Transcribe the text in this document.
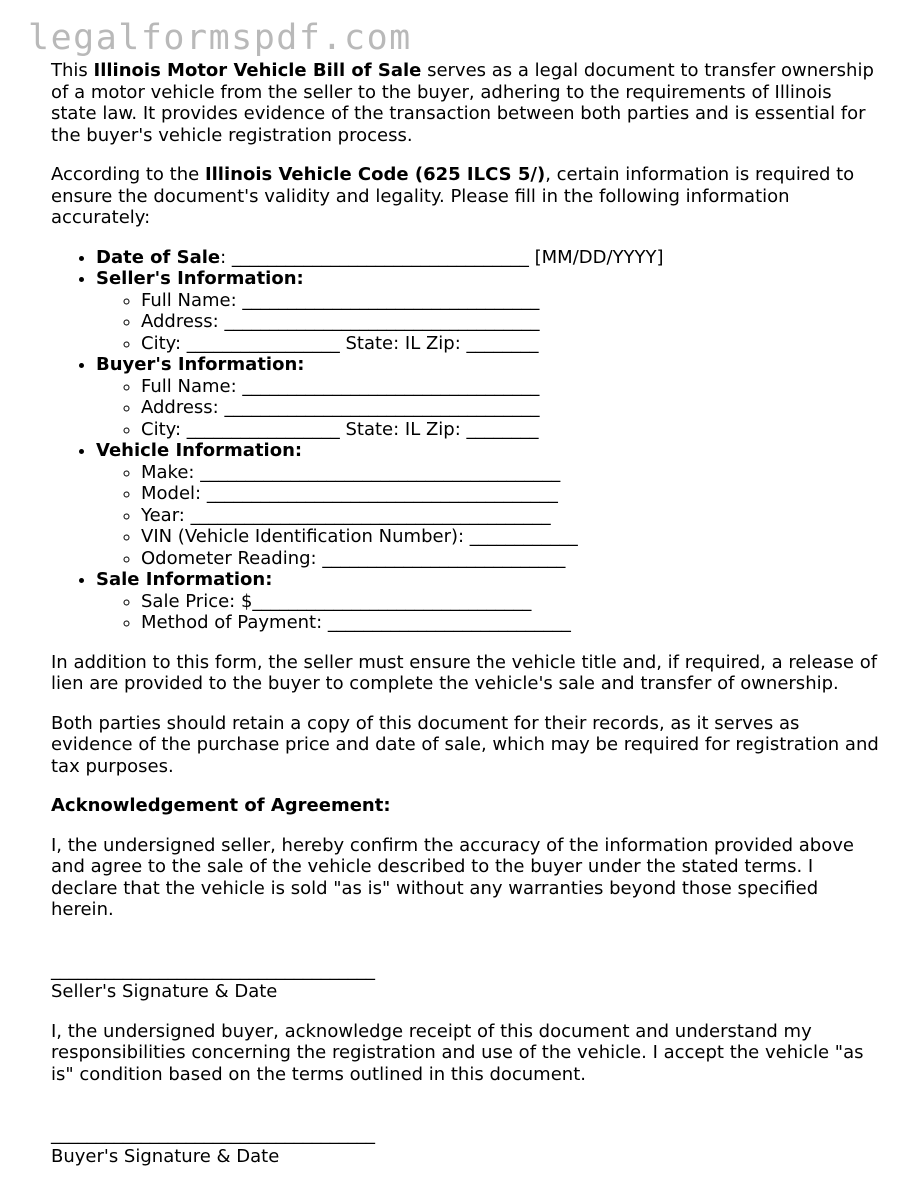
legalformspdf.com

This Illinois Motor Vehicle Bill of Sale serves as a legal document to transfer ownership of a motor vehicle from the seller to the buyer, adhering to the requirements of Illinois state law. It provides evidence of the transaction between both parties and is essential for the buyer's vehicle registration process.

According to the Illinois Vehicle Code (625 ILCS 5/), certain information is required to ensure the document's validity and legality. Please fill in the following information accurately:

• Date of Sale: _________________________________ [MM/DD/YYYY]
• Seller's Information:
◦ Full Name: _________________________________
◦ Address: ___________________________________
◦ City: _________________ State: IL Zip: ________
• Buyer's Information:
◦ Full Name: _________________________________
◦ Address: ___________________________________
◦ City: _________________ State: IL Zip: ________
• Vehicle Information:
◦ Make: ________________________________________
◦ Model: _______________________________________
◦ Year: ________________________________________
◦ VIN (Vehicle Identification Number): ____________
◦ Odometer Reading: ___________________________
• Sale Information:
◦ Sale Price: $_______________________________
◦ Method of Payment: ___________________________

In addition to this form, the seller must ensure the vehicle title and, if required, a release of lien are provided to the buyer to complete the vehicle's sale and transfer of ownership.

Both parties should retain a copy of this document for their records, as it serves as evidence of the purchase price and date of sale, which may be required for registration and tax purposes.

Acknowledgement of Agreement:

I, the undersigned seller, hereby confirm the accuracy of the information provided above and agree to the sale of the vehicle described to the buyer under the stated terms. I declare that the vehicle is sold "as is" without any warranties beyond those specified herein.

____________________________________

Seller's Signature & Date

I, the undersigned buyer, acknowledge receipt of this document and understand my responsibilities concerning the registration and use of the vehicle. I accept the vehicle "as is" condition based on the terms outlined in this document.

____________________________________

Buyer's Signature & Date
